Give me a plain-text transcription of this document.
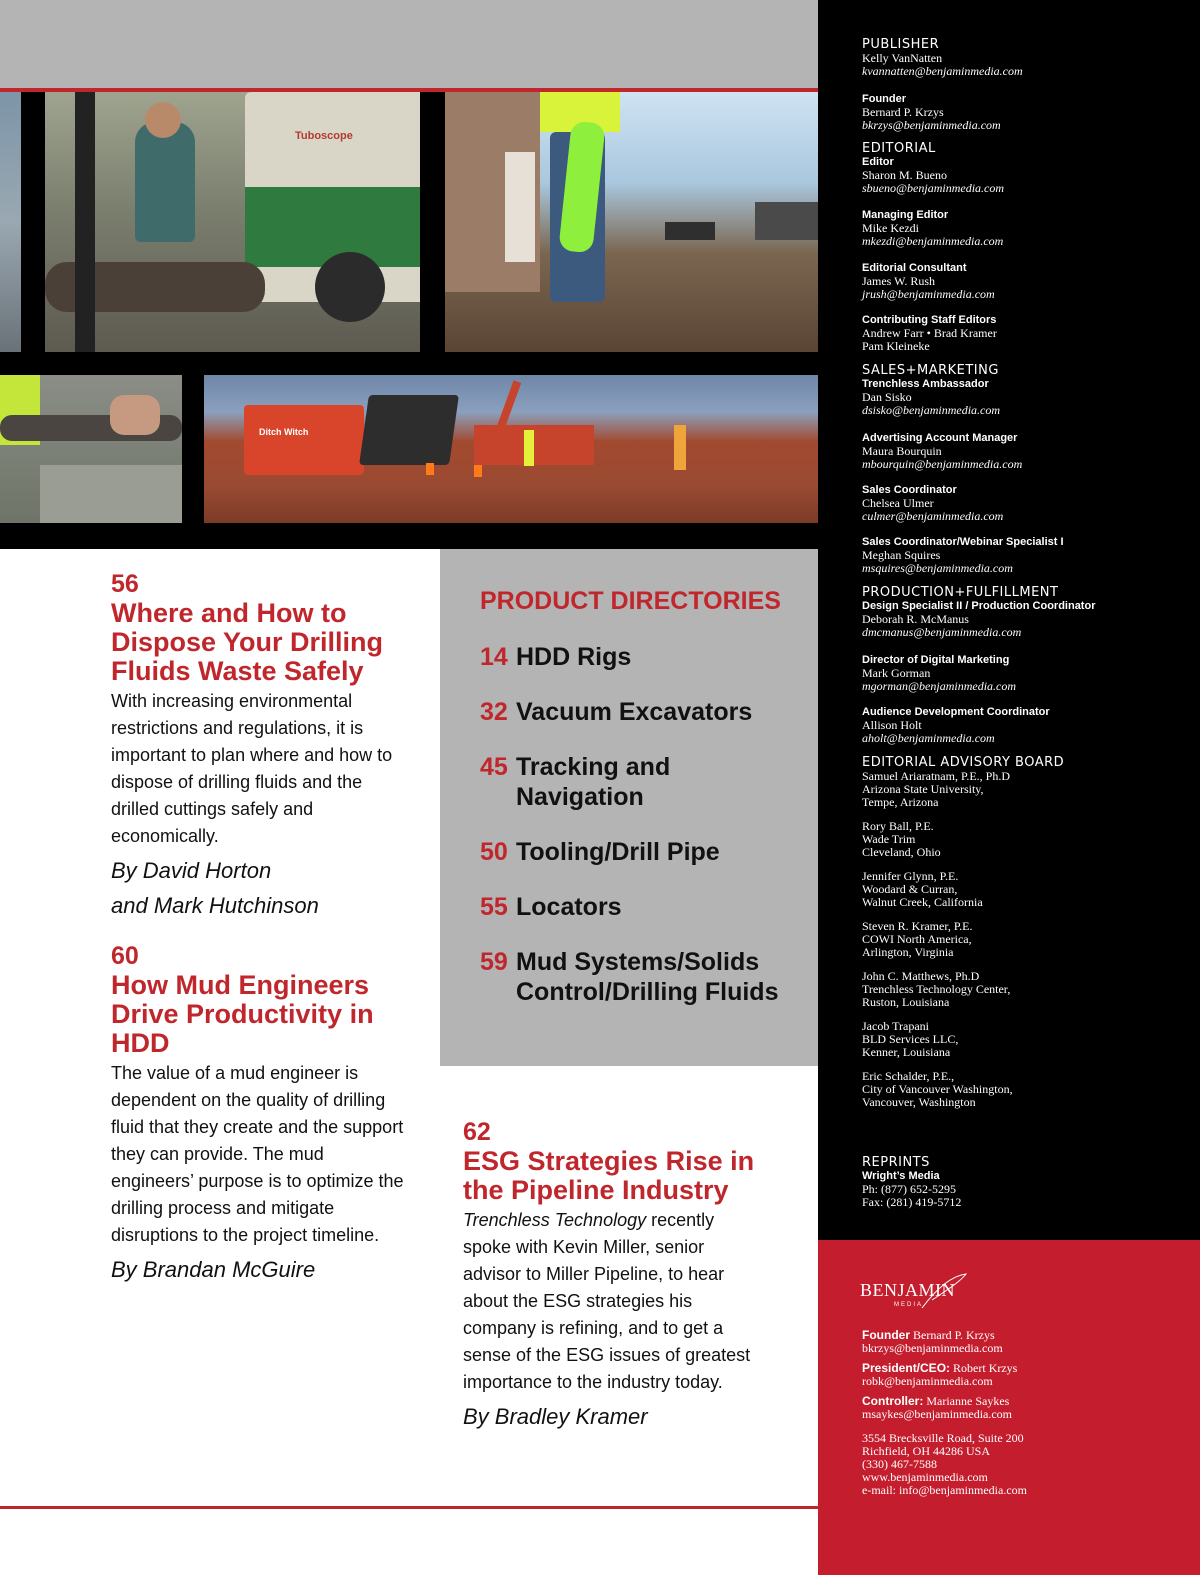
Tuboscope
Ditch Witch
56
Where and How to Dispose Your Drilling Fluids Waste Safely
With increasing environmental restrictions and regulations, it is important to plan where and how to dispose of drilling fluids and the drilled cuttings safely and economically.
By David Horton
and Mark Hutchinson
60
How Mud Engineers Drive Productivity in HDD
The value of a mud engineer is dependent on the quality of drilling fluid that they create and the support they can provide. The mud engineers’ purpose is to optimize the drilling process and mitigate disruptions to the project timeline.
By Brandan McGuire
PRODUCT DIRECTORIES
14 HDD Rigs
32 Vacuum Excavators
45 Tracking and Navigation
50 Tooling/Drill Pipe
55 Locators
59 Mud Systems/Solids Control/Drilling Fluids
62
ESG Strategies Rise in the Pipeline Industry
Trenchless Technology recently spoke with Kevin Miller, senior advisor to Miller Pipeline, to hear about the ESG strategies his company is refining, and to get a sense of the ESG issues of greatest importance to the industry today.
By Bradley Kramer
PUBLISHER
Kelly VanNatten
kvannatten@benjaminmedia.com
Founder
Bernard P. Krzys
bkrzys@benjaminmedia.com
EDITORIAL
Editor
Sharon M. Bueno
sbueno@benjaminmedia.com
Managing Editor
Mike Kezdi
mkezdi@benjaminmedia.com
Editorial Consultant
James W. Rush
jrush@benjaminmedia.com
Contributing Staff Editors
Andrew Farr • Brad Kramer
Pam Kleineke
SALES+MARKETING
Trenchless Ambassador
Dan Sisko
dsisko@benjaminmedia.com
Advertising Account Manager
Maura Bourquin
mbourquin@benjaminmedia.com
Sales Coordinator
Chelsea Ulmer
culmer@benjaminmedia.com
Sales Coordinator/Webinar Specialist I
Meghan Squires
msquires@benjaminmedia.com
PRODUCTION+FULFILLMENT
Design Specialist II / Production Coordinator
Deborah R. McManus
dmcmanus@benjaminmedia.com
Director of Digital Marketing
Mark Gorman
mgorman@benjaminmedia.com
Audience Development Coordinator
Allison Holt
aholt@benjaminmedia.com
EDITORIAL ADVISORY BOARD
Samuel Ariaratnam, P.E., Ph.D
Arizona State University,
Tempe, Arizona
Rory Ball, P.E.
Wade Trim
Cleveland, Ohio
Jennifer Glynn, P.E.
Woodard & Curran,
Walnut Creek, California
Steven R. Kramer, P.E.
COWI North America,
Arlington, Virginia
John C. Matthews, Ph.D
Trenchless Technology Center,
Ruston, Louisiana
Jacob Trapani
BLD Services LLC,
Kenner, Louisiana
Eric Schalder, P.E.,
City of Vancouver Washington,
Vancouver, Washington
REPRINTS
Wright’s Media
Ph: (877) 652-5295
Fax: (281) 419-5712
BENJAMIN
MEDIA
Founder Bernard P. Krzys
bkrzys@benjaminmedia.com
President/CEO: Robert Krzys
robk@benjaminmedia.com
Controller: Marianne Saykes
msaykes@benjaminmedia.com
3554 Brecksville Road, Suite 200
Richfield, OH 44286 USA
(330) 467-7588
www.benjaminmedia.com
e-mail: info@benjaminmedia.com
